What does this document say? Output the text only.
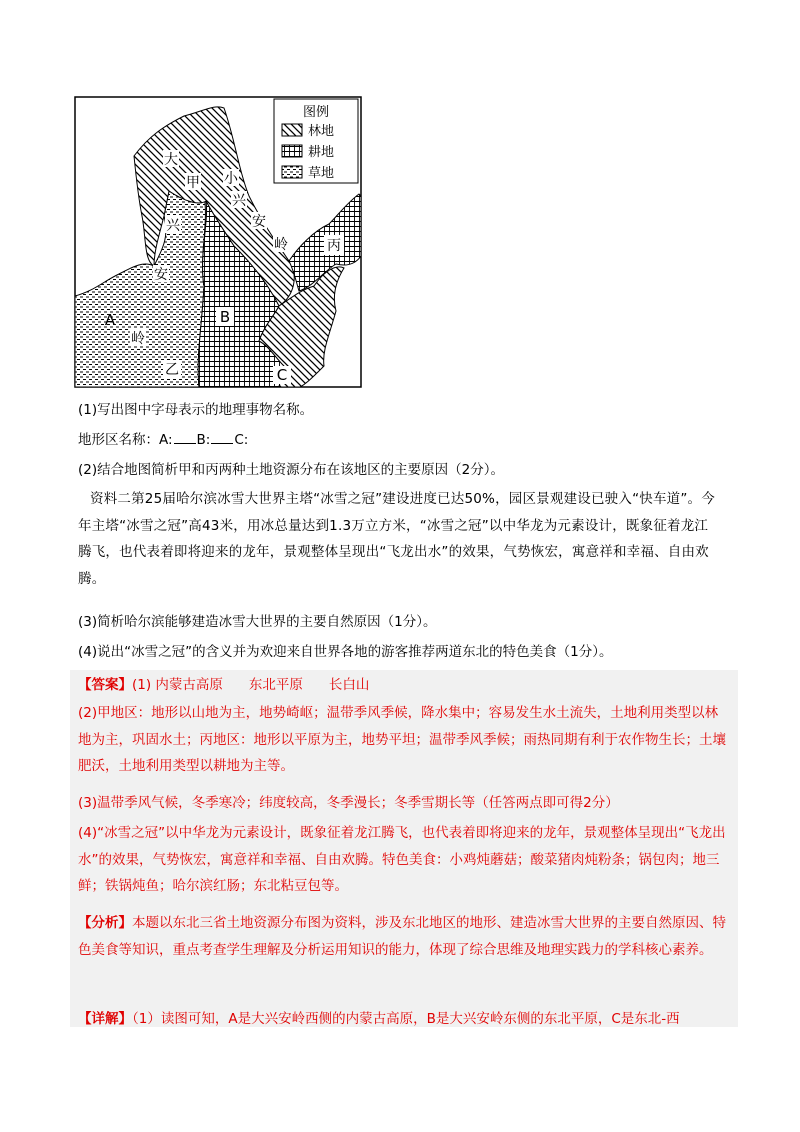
图例
林地
耕地
草地
大
甲 小
兴
安
岭	丙
兴
安
A
岭
B
乙	C
(1)写出图中字母表示的地理事物名称。
地形区名称：A: B: C:
(2)结合地图简析甲和丙两种土地资源分布在该地区的主要原因（2分）。
资料二第25届哈尔滨冰雪大世界主塔“冰雪之冠”建设进度已达50%，园区景观建设已驶入“快车道”。今年主塔“冰雪之冠”高43米，用冰总量达到1.3万立方米，“冰雪之冠”以中华龙为元素设计，既象征着龙江腾飞，也代表着即将迎来的龙年，景观整体呈现出“飞龙出水”的效果，气势恢宏，寓意祥和幸福、自由欢腾。
(3)简析哈尔滨能够建造冰雪大世界的主要自然原因（1分）。
(4)说出“冰雪之冠”的含义并为欢迎来自世界各地的游客推荐两道东北的特色美食（1分）。
【答案】(1) 内蒙古高原 东北平原 长白山
(2)甲地区：地形以山地为主，地势崎岖；温带季风季候，降水集中；容易发生水土流失，土地利用类型以林地为主，巩固水土；丙地区：地形以平原为主，地势平坦；温带季风季候；雨热同期有利于农作物生长；土壤肥沃，土地利用类型以耕地为主等。
(3)温带季风气候，冬季寒冷；纬度较高，冬季漫长；冬季雪期长等（任答两点即可得2分）
(4)“冰雪之冠”以中华龙为元素设计，既象征着龙江腾飞，也代表着即将迎来的龙年，景观整体呈现出“飞龙出水”的效果，气势恢宏，寓意祥和幸福、自由欢腾。特色美食：小鸡炖蘑菇；酸菜猪肉炖粉条；锅包肉；地三鲜；铁锅炖鱼；哈尔滨红肠；东北粘豆包等。
【分析】本题以东北三省土地资源分布图为资料，涉及东北地区的地形、建造冰雪大世界的主要自然原因、特色美食等知识，重点考查学生理解及分析运用知识的能力，体现了综合思维及地理实践力的学科核心素养。
【详解】（1）读图可知，A是大兴安岭西侧的内蒙古高原，B是大兴安岭东侧的东北平原，C是东北-西
